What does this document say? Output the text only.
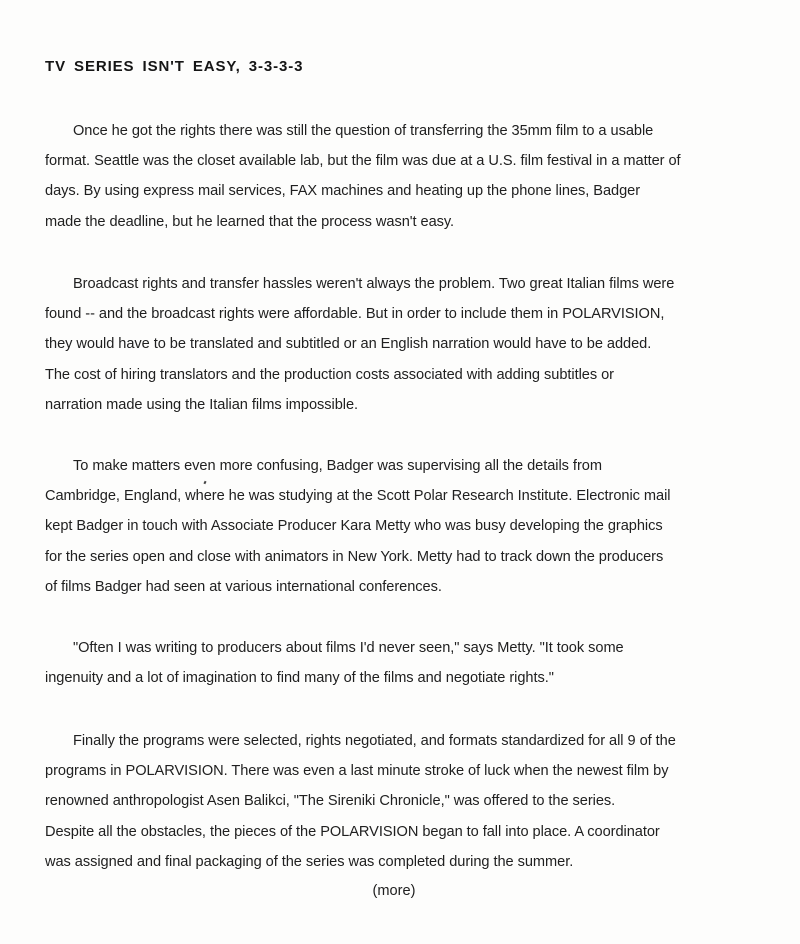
TV SERIES ISN'T EASY, 3-3-3-3
Once he got the rights there was still the question of transferring the 35mm film to a usable
format. Seattle was the closet available lab, but the film was due at a U.S. film festival in a matter of
days. By using express mail services, FAX machines and heating up the phone lines, Badger
made the deadline, but he learned that the process wasn't easy.
Broadcast rights and transfer hassles weren't always the problem. Two great Italian films were
found -- and the broadcast rights were affordable. But in order to include them in POLARVISION,
they would have to be translated and subtitled or an English narration would have to be added.
The cost of hiring translators and the production costs associated with adding subtitles or
narration made using the Italian films impossible.
To make matters even more confusing, Badger was supervising all the details from
Cambridge, England, where he was studying at the Scott Polar Research Institute. Electronic mail
kept Badger in touch with Associate Producer Kara Metty who was busy developing the graphics
for the series open and close with animators in New York. Metty had to track down the producers
of films Badger had seen at various international conferences.
"Often I was writing to producers about films I'd never seen," says Metty. "It took some
ingenuity and a lot of imagination to find many of the films and negotiate rights."
Finally the programs were selected, rights negotiated, and formats standardized for all 9 of the
programs in POLARVISION. There was even a last minute stroke of luck when the newest film by
renowned anthropologist Asen Balikci, "The Sireniki Chronicle," was offered to the series.
Despite all the obstacles, the pieces of the POLARVISION began to fall into place. A coordinator
was assigned and final packaging of the series was completed during the summer.
(more)
